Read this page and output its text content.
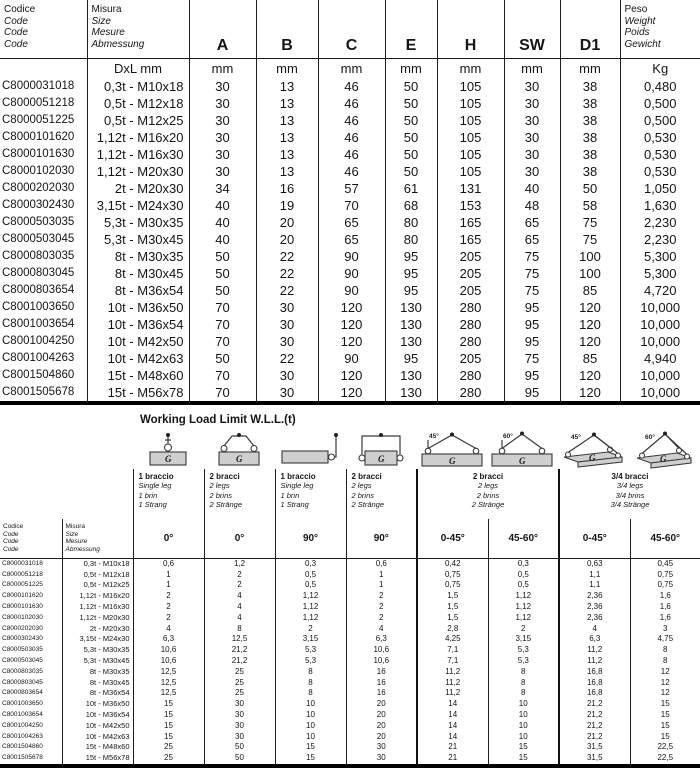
Codice
Code
Code
Code	Misura
Size
Mesure
Abmessung	A	B	C	E	H	SW	D1	Peso
Weight
Poids
Gewicht
	DxL mm	mm	mm	mm	mm	mm	mm	mm	Kg
C8000031018	0,3t - M10x18	30	13	46	50	105	30	38	0,480
C8000051218	0,5t - M12x18	30	13	46	50	105	30	38	0,500
C8000051225	0,5t - M12x25	30	13	46	50	105	30	38	0,500
C8000101620	1,12t - M16x20	30	13	46	50	105	30	38	0,530
C8000101630	1,12t - M16x30	30	13	46	50	105	30	38	0,530
C8000102030	1,12t - M20x30	30	13	46	50	105	30	38	0,530
C8000202030	2t - M20x30	34	16	57	61	131	40	50	1,050
C8000302430	3,15t - M24x30	40	19	70	68	153	48	58	1,630
C8000503035	5,3t - M30x35	40	20	65	80	165	65	75	2,230
C8000503045	5,3t - M30x45	40	20	65	80	165	65	75	2,230
C8000803035	8t - M30x35	50	22	90	95	205	75	100	5,300
C8000803045	8t - M30x45	50	22	90	95	205	75	100	5,300
C8000803654	8t - M36x54	50	22	90	95	205	75	85	4,720
C8001003650	10t - M36x50	70	30	120	130	280	95	120	10,000
C8001003654	10t - M36x54	70	30	120	130	280	95	120	10,000
C8001004250	10t - M42x50	70	30	120	130	280	95	120	10,000
C8001004263	10t - M42x63	50	22	90	95	205	75	85	4,940
C8001504860	15t - M48x60	70	30	120	130	280	95	120	10,000
C8001505678	15t - M56x78	70	30	120	130	280	95	120	10,000
Working Load Limit W.L.L.(t)
G	G	G	G
45°
G
60°
G
45°
G
60°

		1 braccio
Single leg
1 brin
1 Strang	2 bracci
2 legs
2 brins
2 Stränge	1 braccio
Single leg
1 brin
1 Strang	2 bracci
2 legs
2 brins
2 Stränge	2 bracci
2 legs
2 brins
2 Stränge		3/4 bracci
3/4 legs
3/4 brins
3/4 Stränge	

Codice
Code
Code
Code	Misura
Size
Mesure
Abmessung	0°	0°	90°	90°	0-45°	45-60°	0-45°	45-60°
C8000031018	0,3t - M10x18	0,6	1,2	0,3	0,6	0,42	0,3	0,63	0,45
C8000051218	0,5t - M12x18	1	2	0,5	1	0,75	0,5	1,1	0,75
C8000051225	0,5t - M12x25	1	2	0,5	1	0,75	0,5	1,1	0,75
C8000101620	1,12t - M16x20	2	4	1,12	2	1,5	1,12	2,36	1,6
C8000101630	1,12t - M16x30	2	4	1,12	2	1,5	1,12	2,36	1,6
C8000102030	1,12t - M20x30	2	4	1,12	2	1,5	1,12	2,36	1,6
C8000202030	2t - M20x30	4	8	2	4	2,8	2	4	3
C8000302430	3,15t - M24x30	6,3	12,5	3,15	6,3	4,25	3,15	6,3	4,75
C8000503035	5,3t - M30x35	10,6	21,2	5,3	10,6	7,1	5,3	11,2	8
C8000503045	5,3t - M30x45	10,6	21,2	5,3	10,6	7,1	5,3	11,2	8
C8000803035	8t - M30x35	12,5	25	8	16	11,2	8	16,8	12
C8000803045	8t - M30x45	12,5	25	8	16	11,2	8	16,8	12
C8000803654	8t - M36x54	12,5	25	8	16	11,2	8	16,8	12
C8001003650	10t - M36x50	15	30	10	20	14	10	21,2	15
C8001003654	10t - M36x54	15	30	10	20	14	10	21,2	15
C8001004250	10t - M42x50	15	30	10	20	14	10	21,2	15
C8001004263	10t - M42x63	15	30	10	20	14	10	21,2	15
C8001504860	15t - M48x60	25	50	15	30	21	15	31,5	22,5
C8001505678	15t - M56x78	25	50	15	30	21	15	31,5	22,5
